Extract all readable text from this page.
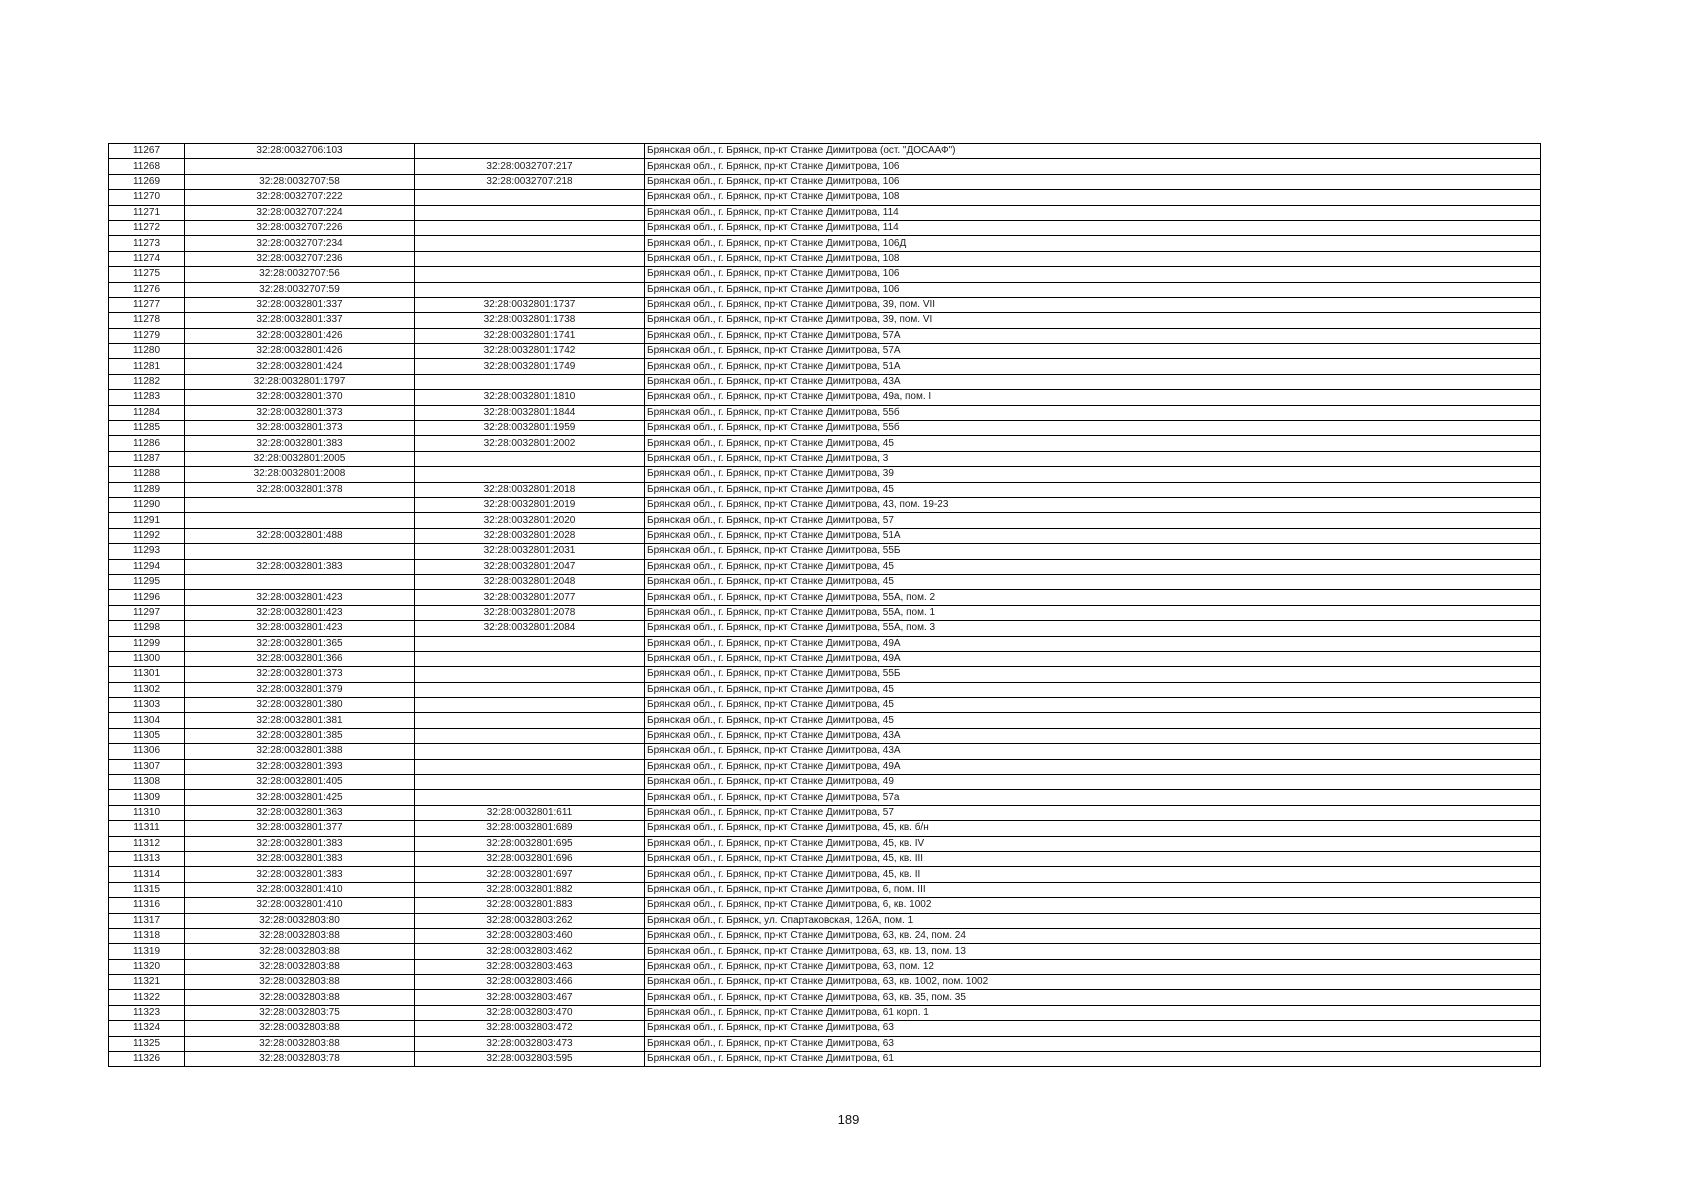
11267	32:28:0032706:103		Брянская обл., г. Брянск, пр-кт Станке Димитрова (ост. "ДОСААФ")
11268		32:28:0032707:217	Брянская обл., г. Брянск, пр-кт Станке Димитрова, 106
11269	32:28:0032707:58	32:28:0032707:218	Брянская обл., г. Брянск, пр-кт Станке Димитрова, 106
11270	32:28:0032707:222		Брянская обл., г. Брянск, пр-кт Станке Димитрова, 108
11271	32:28:0032707:224		Брянская обл., г. Брянск, пр-кт Станке Димитрова, 114
11272	32:28:0032707:226		Брянская обл., г. Брянск, пр-кт Станке Димитрова, 114
11273	32:28:0032707:234		Брянская обл., г. Брянск, пр-кт Станке Димитрова, 106Д
11274	32:28:0032707:236		Брянская обл., г. Брянск, пр-кт Станке Димитрова, 108
11275	32:28:0032707:56		Брянская обл., г. Брянск, пр-кт Станке Димитрова, 106
11276	32:28:0032707:59		Брянская обл., г. Брянск, пр-кт Станке Димитрова, 106
11277	32:28:0032801:337	32:28:0032801:1737	Брянская обл., г. Брянск, пр-кт Станке Димитрова, 39, пом. VII
11278	32:28:0032801:337	32:28:0032801:1738	Брянская обл., г. Брянск, пр-кт Станке Димитрова, 39, пом. VI
11279	32:28:0032801:426	32:28:0032801:1741	Брянская обл., г. Брянск, пр-кт Станке Димитрова, 57А
11280	32:28:0032801:426	32:28:0032801:1742	Брянская обл., г. Брянск, пр-кт Станке Димитрова, 57А
11281	32:28:0032801:424	32:28:0032801:1749	Брянская обл., г. Брянск, пр-кт Станке Димитрова, 51А
11282	32:28:0032801:1797		Брянская обл., г. Брянск, пр-кт Станке Димитрова, 43А
11283	32:28:0032801:370	32:28:0032801:1810	Брянская обл., г. Брянск, пр-кт Станке Димитрова, 49а, пом. I
11284	32:28:0032801:373	32:28:0032801:1844	Брянская обл., г. Брянск, пр-кт Станке Димитрова, 55б
11285	32:28:0032801:373	32:28:0032801:1959	Брянская обл., г. Брянск, пр-кт Станке Димитрова, 55б
11286	32:28:0032801:383	32:28:0032801:2002	Брянская обл., г. Брянск, пр-кт Станке Димитрова, 45
11287	32:28:0032801:2005		Брянская обл., г. Брянск, пр-кт Станке Димитрова, 3
11288	32:28:0032801:2008		Брянская обл., г. Брянск, пр-кт Станке Димитрова, 39
11289	32:28:0032801:378	32:28:0032801:2018	Брянская обл., г. Брянск, пр-кт Станке Димитрова, 45
11290		32:28:0032801:2019	Брянская обл., г. Брянск, пр-кт Станке Димитрова, 43, пом. 19-23
11291		32:28:0032801:2020	Брянская обл., г. Брянск, пр-кт Станке Димитрова, 57
11292	32:28:0032801:488	32:28:0032801:2028	Брянская обл., г. Брянск, пр-кт Станке Димитрова, 51А
11293		32:28:0032801:2031	Брянская обл., г. Брянск, пр-кт Станке Димитрова, 55Б
11294	32:28:0032801:383	32:28:0032801:2047	Брянская обл., г. Брянск, пр-кт Станке Димитрова, 45
11295		32:28:0032801:2048	Брянская обл., г. Брянск, пр-кт Станке Димитрова, 45
11296	32:28:0032801:423	32:28:0032801:2077	Брянская обл., г. Брянск, пр-кт Станке Димитрова, 55А, пом. 2
11297	32:28:0032801:423	32:28:0032801:2078	Брянская обл., г. Брянск, пр-кт Станке Димитрова, 55А, пом. 1
11298	32:28:0032801:423	32:28:0032801:2084	Брянская обл., г. Брянск, пр-кт Станке Димитрова, 55А, пом. 3
11299	32:28:0032801:365		Брянская обл., г. Брянск, пр-кт Станке Димитрова, 49А
11300	32:28:0032801:366		Брянская обл., г. Брянск, пр-кт Станке Димитрова, 49А
11301	32:28:0032801:373		Брянская обл., г. Брянск, пр-кт Станке Димитрова, 55Б
11302	32:28:0032801:379		Брянская обл., г. Брянск, пр-кт Станке Димитрова, 45
11303	32:28:0032801:380		Брянская обл., г. Брянск, пр-кт Станке Димитрова, 45
11304	32:28:0032801:381		Брянская обл., г. Брянск, пр-кт Станке Димитрова, 45
11305	32:28:0032801:385		Брянская обл., г. Брянск, пр-кт Станке Димитрова, 43А
11306	32:28:0032801:388		Брянская обл., г. Брянск, пр-кт Станке Димитрова, 43А
11307	32:28:0032801:393		Брянская обл., г. Брянск, пр-кт Станке Димитрова, 49А
11308	32:28:0032801:405		Брянская обл., г. Брянск, пр-кт Станке Димитрова, 49
11309	32:28:0032801:425		Брянская обл., г. Брянск, пр-кт Станке Димитрова, 57а
11310	32:28:0032801:363	32:28:0032801:611	Брянская обл., г. Брянск, пр-кт Станке Димитрова, 57
11311	32:28:0032801:377	32:28:0032801:689	Брянская обл., г. Брянск, пр-кт Станке Димитрова, 45, кв. б/н
11312	32:28:0032801:383	32:28:0032801:695	Брянская обл., г. Брянск, пр-кт Станке Димитрова, 45, кв. IV
11313	32:28:0032801:383	32:28:0032801:696	Брянская обл., г. Брянск, пр-кт Станке Димитрова, 45, кв. III
11314	32:28:0032801:383	32:28:0032801:697	Брянская обл., г. Брянск, пр-кт Станке Димитрова, 45, кв. II
11315	32:28:0032801:410	32:28:0032801:882	Брянская обл., г. Брянск, пр-кт Станке Димитрова, 6, пом. III
11316	32:28:0032801:410	32:28:0032801:883	Брянская обл., г. Брянск, пр-кт Станке Димитрова, 6, кв. 1002
11317	32:28:0032803:80	32:28:0032803:262	Брянская обл., г. Брянск, ул. Спартаковская, 126А, пом. 1
11318	32:28:0032803:88	32:28:0032803:460	Брянская обл., г. Брянск, пр-кт Станке Димитрова, 63, кв. 24, пом. 24
11319	32:28:0032803:88	32:28:0032803:462	Брянская обл., г. Брянск, пр-кт Станке Димитрова, 63, кв. 13, пом. 13
11320	32:28:0032803:88	32:28:0032803:463	Брянская обл., г. Брянск, пр-кт Станке Димитрова, 63, пом. 12
11321	32:28:0032803:88	32:28:0032803:466	Брянская обл., г. Брянск, пр-кт Станке Димитрова, 63, кв. 1002, пом. 1002
11322	32:28:0032803:88	32:28:0032803:467	Брянская обл., г. Брянск, пр-кт Станке Димитрова, 63, кв. 35, пом. 35
11323	32:28:0032803:75	32:28:0032803:470	Брянская обл., г. Брянск, пр-кт Станке Димитрова, 61 корп. 1
11324	32:28:0032803:88	32:28:0032803:472	Брянская обл., г. Брянск, пр-кт Станке Димитрова, 63
11325	32:28:0032803:88	32:28:0032803:473	Брянская обл., г. Брянск, пр-кт Станке Димитрова, 63
11326	32:28:0032803:78	32:28:0032803:595	Брянская обл., г. Брянск, пр-кт Станке Димитрова, 61
189
